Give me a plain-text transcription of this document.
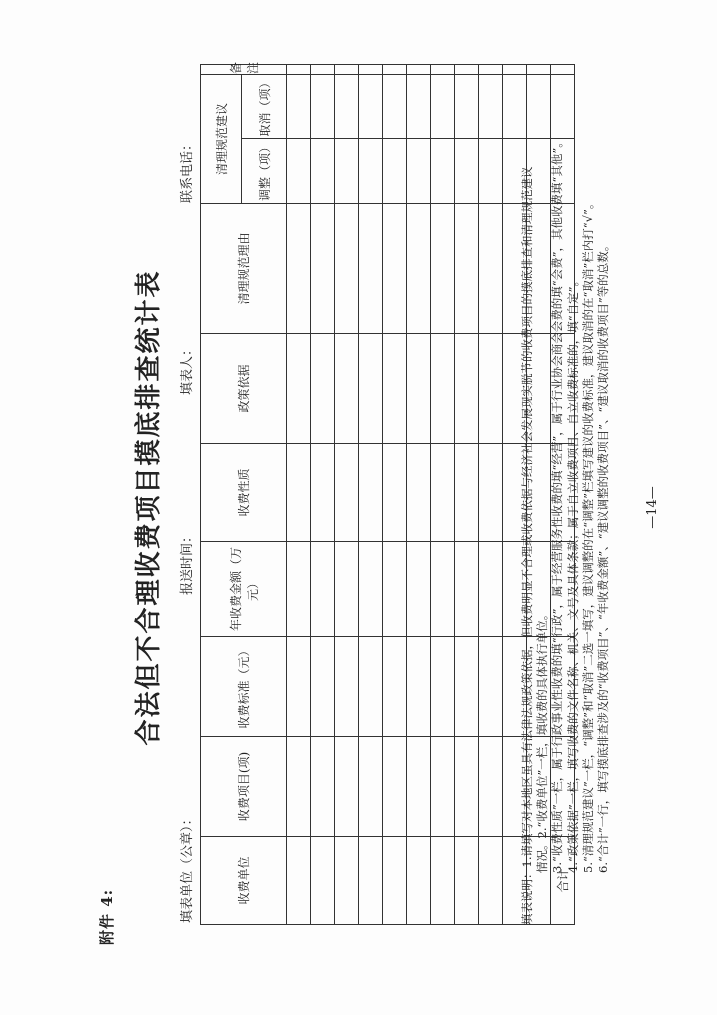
附件 4:
合法但不合理收费项目摸底排查统计表
填表单位（公章）：
报送时间：
填表人：
联系电话：
收费单位	收费项目(项)	收费标准（元）	年收费金额（万元）	收费性质	政策依据	清理规范理由	清理规范建议		备注
							调整（项）	取消（项）	

合计									
填表说明：1.请填写对本地区虽具有法律法规政策依据，但收费明显不合理或收费依据与经济社会发展现实脱节的收费项目的摸底排查和清理规范建议 情况。2.“收费单位”一栏，填收费的具体执行单位。 3.“收费性质”一栏，属于行政事业性收费的填“行政”，属于经营服务性收费的填“经营”，属于行业协会商会会费的填“会费”，其他收费填“其他”。 4.“政策依据”一栏，填写收费的文件名称、机关、文号及具体条款；属于自立收费项目、自立收费标准的，填“自定”。 5.“清理规范建议”一栏，“调整”和“取消”二选一填写，建议调整的在“调整”栏填写建议的收费标准，建议取消的在“取消”栏内打“√”。 6.“合计”一行，填写摸底排查涉及的“收费项目”、“年收费金额”、“建议调整的收费项目”、“建议取消的收费项目”等的总数。	—14—
